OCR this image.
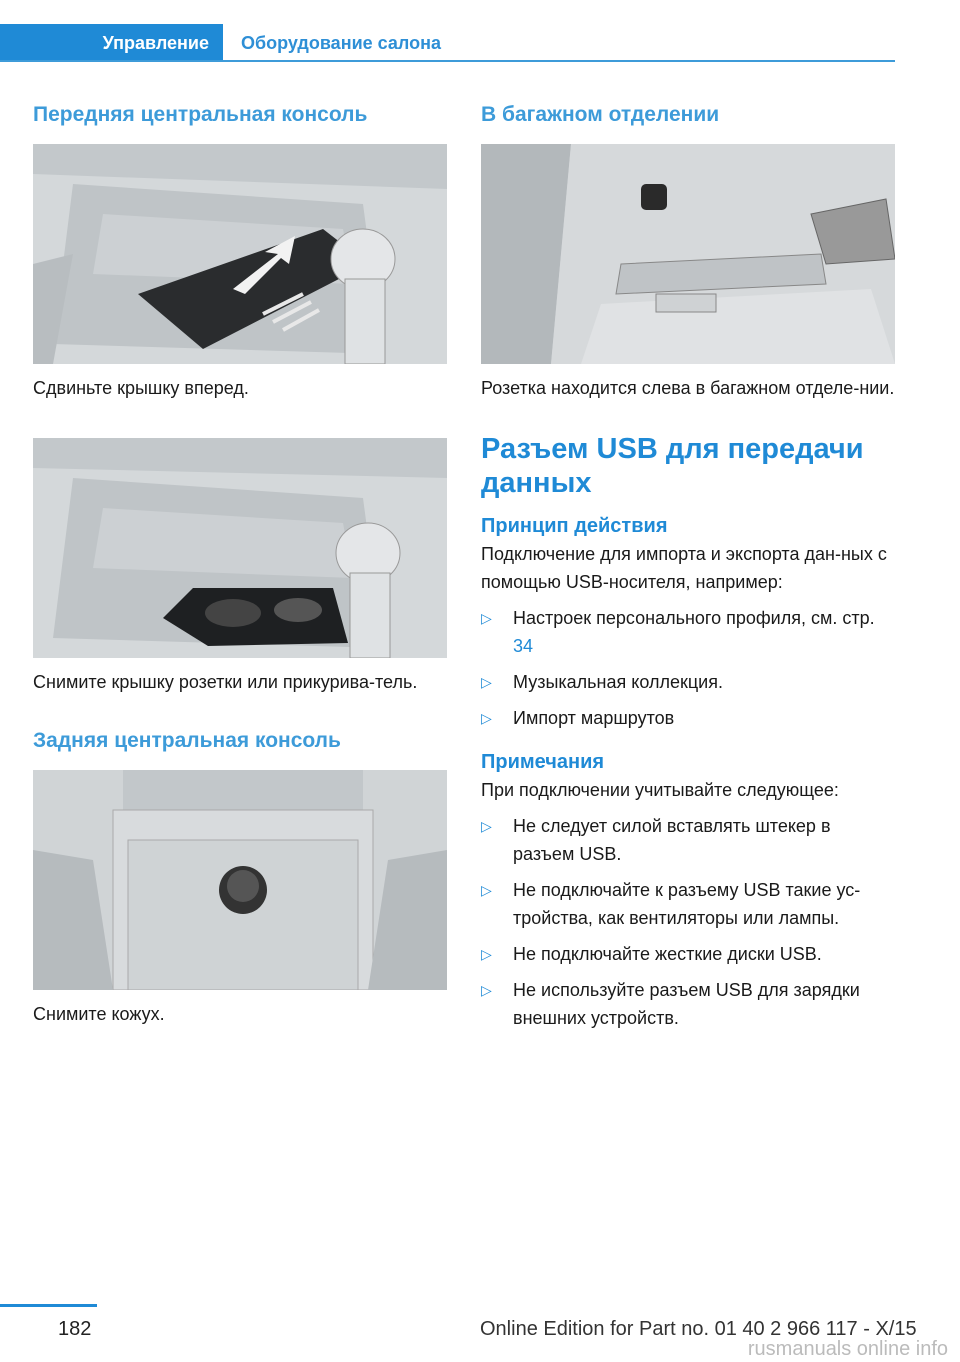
Управление	Оборудование салона
Передняя центральная консоль

Сдвиньте крышку вперед.

Снимите крышку розетки или прикурива-тель.

Задняя центральная консоль

Снимите кожух.

В багажном отделении

Розетка находится слева в багажном отделе-нии.

Разъем USB для передачи данных
Принцип действия

Подключение для импорта и экспорта дан-ных с помощью USB-носителя, например:

▷ Настроек персонального профиля, см. стр. 34
▷ Музыкальная коллекция.
▷ Импорт маршрутов
Примечания

При подключении учитывайте следующее:

▷ Не следует силой вставлять штекер в разъем USB.
▷ Не подключайте к разъему USB такие ус-тройства, как вентиляторы или лампы.
▷ Не подключайте жесткие диски USB.
▷ Не используйте разъем USB для зарядки внешних устройств.
182	Online Edition for Part no. 01 40 2 966 117 - X/15
rusmanuals online info
